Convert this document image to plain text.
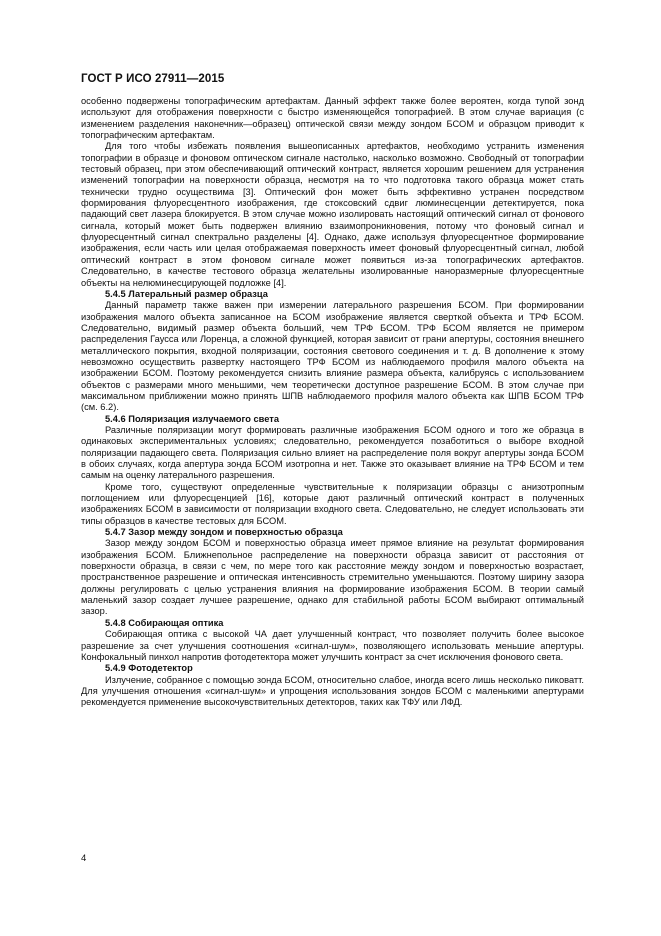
ГОСТ Р ИСО 27911—2015

особенно подвержены топографическим артефактам. Данный эффект также более вероятен, когда тупой зонд используют для отображения поверхности с быстро изменяющейся топографией. В этом случае вариация (с изменением разделения наконечник—образец) оптической связи между зондом БСОМ и образцом приводит к топографическим артефактам.

Для того чтобы избежать появления вышеописанных артефактов, необходимо устранить изменения топографии в образце и фоновом оптическом сигнале настолько, насколько возможно. Свободный от топографии тестовый образец, при этом обеспечивающий оптический контраст, является хорошим решением для устранения изменений топографии на поверхности образца, несмотря на то что подготовка такого образца может стать технически трудно осуществима [3]. Оптический фон может быть эффективно устранен посредством формирования флуоресцентного изображения, где стоксовский сдвиг люминесценции детектируется, пока падающий свет лазера блокируется. В этом случае можно изолировать настоящий оптический сигнал от фонового сигнала, который может быть подвержен влиянию взаимопроникновения, потому что фоновый сигнал и флуоресцентный сигнал спектрально разделены [4]. Однако, даже используя флуоресцентное формирование изображения, если часть или целая отображаемая поверхность имеет фоновый флуоресцентный сигнал, любой оптический контраст в этом фоновом сигнале может появиться из-за топографических артефактов. Следовательно, в качестве тестового образца желательны изолированные наноразмерные флуоресцентные объекты на нелюминесцирующей подложке [4].

5.4.5 Латеральный размер образца

Данный параметр также важен при измерении латерального разрешения БСОМ. При формировании изображения малого объекта записанное на БСОМ изображение является сверткой объекта и ТРФ БСОМ. Следовательно, видимый размер объекта больший, чем ТРФ БСОМ. ТРФ БСОМ является не примером распределения Гаусса или Лоренца, а сложной функцией, которая зависит от грани апертуры, состояния внешнего металлического покрытия, входной поляризации, состояния светового соединения и т. д. В дополнение к этому невозможно осуществить развертку настоящего ТРФ БСОМ из наблюдаемого профиля малого объекта на изображении БСОМ. Поэтому рекомендуется снизить влияние размера объекта, калибруясь с использованием объектов с размерами много меньшими, чем теоретически доступное разрешение БСОМ. В этом случае при максимальном приближении можно принять ШПВ наблюдаемого профиля малого объекта как ШПВ БСОМ ТРФ (см. 6.2).

5.4.6 Поляризация излучаемого света

Различные поляризации могут формировать различные изображения БСОМ одного и того же образца в одинаковых экспериментальных условиях; следовательно, рекомендуется позаботиться о выборе входной поляризации падающего света. Поляризация сильно влияет на распределение поля вокруг апертуры зонда БСОМ в обоих случаях, когда апертура зонда БСОМ изотропна и нет. Также это оказывает влияние на ТРФ БСОМ и тем самым на оценку латерального разрешения.

Кроме того, существуют определенные чувствительные к поляризации образцы с анизотропным поглощением или флуоресценцией [16], которые дают различный оптический контраст в полученных изображениях БСОМ в зависимости от поляризации входного света. Следовательно, не следует использовать эти типы образцов в качестве тестовых для БСОМ.

5.4.7 Зазор между зондом и поверхностью образца

Зазор между зондом БСОМ и поверхностью образца имеет прямое влияние на результат формирования изображения БСОМ. Ближнепольное распределение на поверхности образца зависит от расстояния от поверхности образца, в связи с чем, по мере того как расстояние между зондом и поверхностью возрастает, пространственное разрешение и оптическая интенсивность стремительно уменьшаются. Поэтому ширину зазора должны регулировать с целью устранения влияния на формирование изображения БСОМ. В теории самый маленький зазор создает лучшее разрешение, однако для стабильной работы БСОМ выбирают оптимальный зазор.

5.4.8 Собирающая оптика

Собирающая оптика с высокой ЧА дает улучшенный контраст, что позволяет получить более высокое разрешение за счет улучшения соотношения «сигнал-шум», позволяющего использовать меньшие апертуры. Конфокальный пинхол напротив фотодетектора может улучшить контраст за счет исключения фонового света.

5.4.9 Фотодетектор

Излучение, собранное с помощью зонда БСОМ, относительно слабое, иногда всего лишь несколько пиковатт. Для улучшения отношения «сигнал-шум» и упрощения использования зондов БСОМ с маленькими апертурами рекомендуется применение высокочувствительных детекторов, таких как ТФУ или ЛФД.

4
